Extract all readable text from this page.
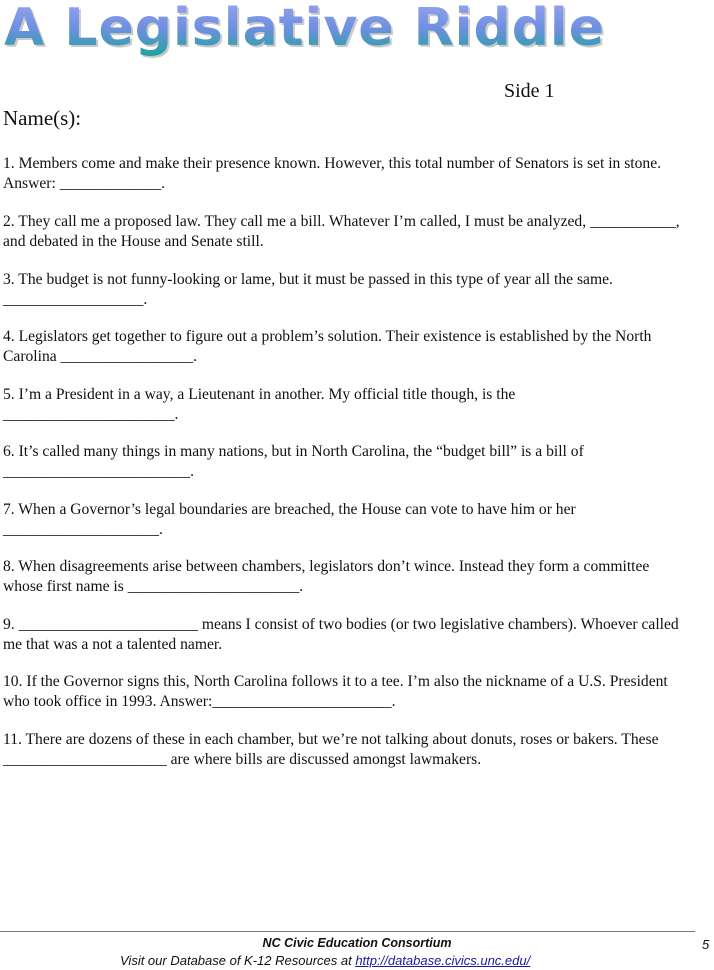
A Legislative Riddle
Side 1
Name(s):
1. Members come and make their presence known. However, this total number of Senators is set in stone. Answer: _____________.
2. They call me a proposed law. They call me a bill. Whatever I’m called, I must be analyzed, ___________, and debated in the House and Senate still.
3. The budget is not funny-looking or lame, but it must be passed in this type of year all the same. __________________.
4. Legislators get together to figure out a problem’s solution. Their existence is established by the North Carolina _________________.
5. I’m a President in a way, a Lieutenant in another. My official title though, is the ______________________.
6. It’s called many things in many nations, but in North Carolina, the “budget bill” is a bill of ________________________.
7. When a Governor’s legal boundaries are breached, the House can vote to have him or her ____________________.
8. When disagreements arise between chambers, legislators don’t wince. Instead they form a committee whose first name is ______________________.
9. _______________________ means I consist of two bodies (or two legislative chambers). Whoever called me that was a not a talented namer.
10. If the Governor signs this, North Carolina follows it to a tee. I’m also the nickname of a U.S. President who took office in 1993. Answer:_______________________.
11. There are dozens of these in each chamber, but we’re not talking about donuts, roses or bakers. These _____________________ are where bills are discussed amongst lawmakers.
NC Civic Education Consortium
Visit our Database of K-12 Resources at http://database.civics.unc.edu/
5
